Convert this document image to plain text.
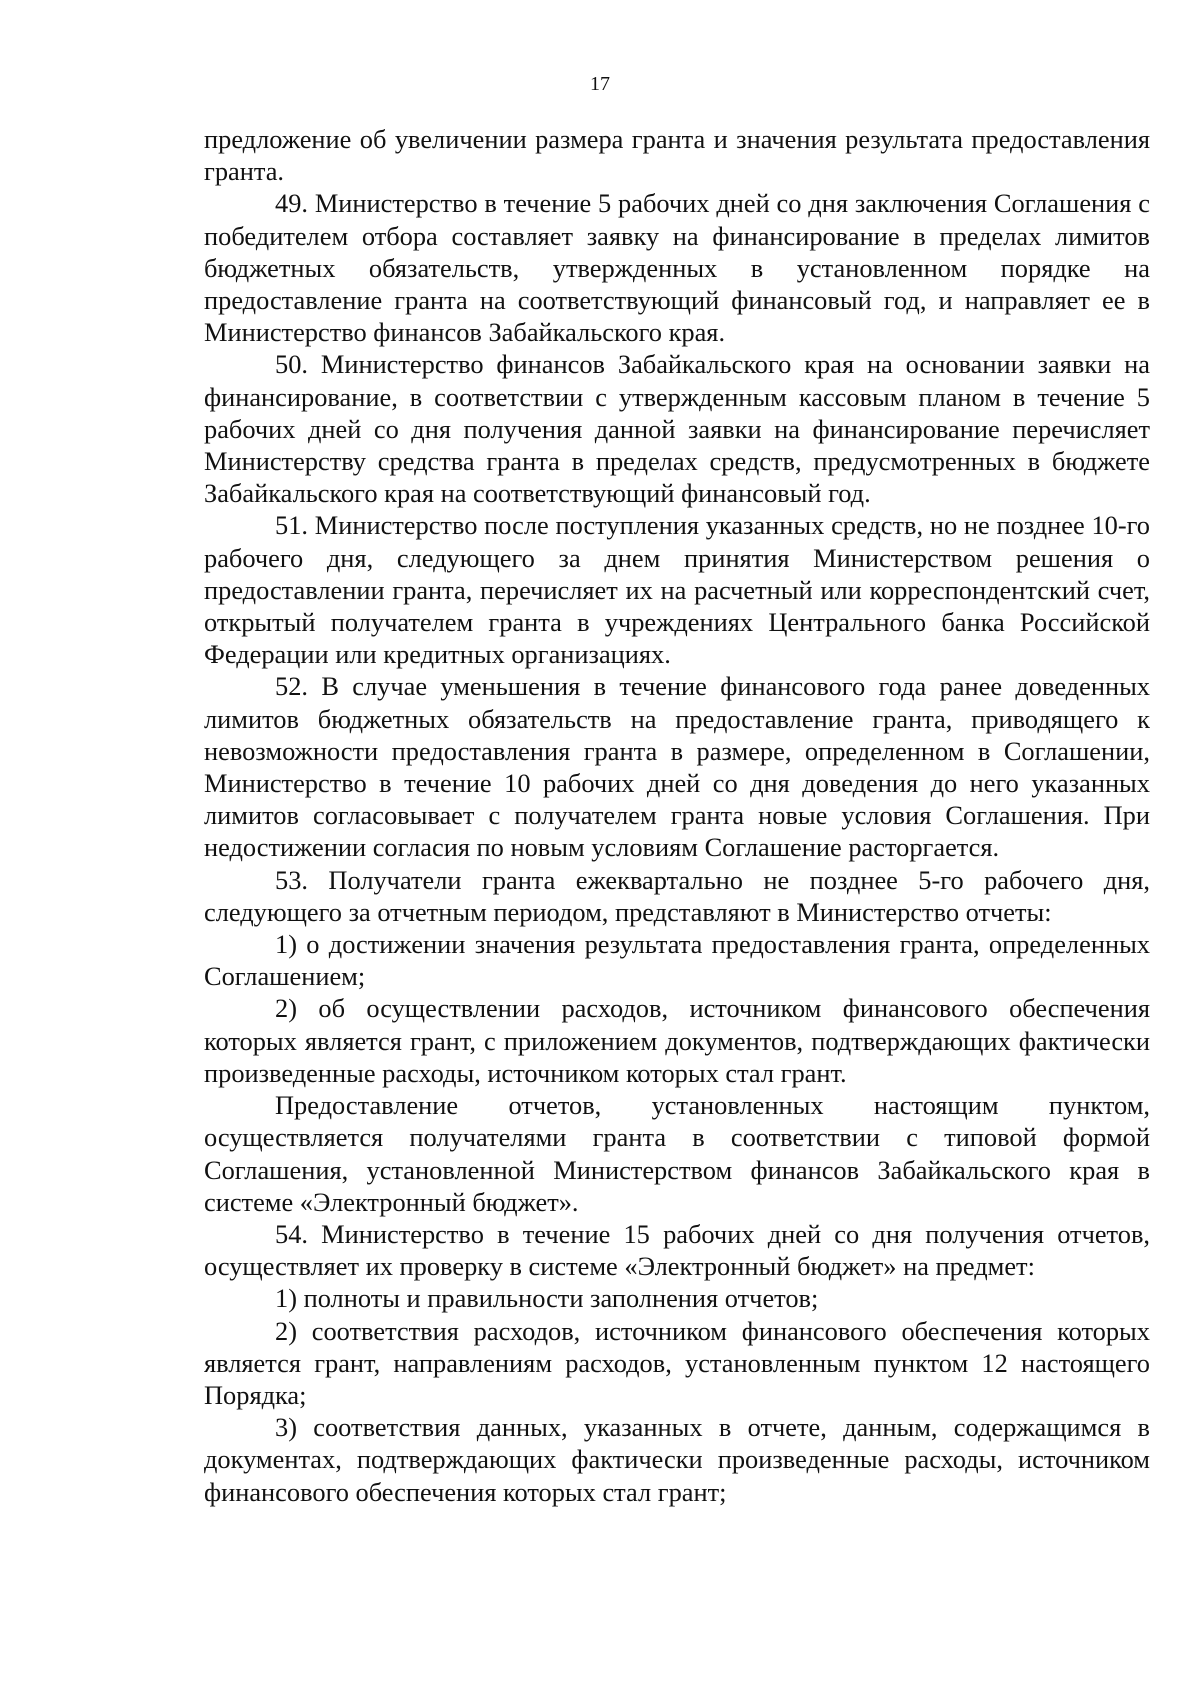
17

предложение об увеличении размера гранта и значения результата предоставления гранта.

49. Министерство в течение 5 рабочих дней со дня заключения Соглашения с победителем отбора составляет заявку на финансирование в пределах лимитов бюджетных обязательств, утвержденных в установленном порядке на предоставление гранта на соответствующий финансовый год, и направляет ее в Министерство финансов Забайкальского края.

50. Министерство финансов Забайкальского края на основании заявки на финансирование, в соответствии с утвержденным кассовым планом в течение 5 рабочих дней со дня получения данной заявки на финансирование перечисляет Министерству средства гранта в пределах средств, предусмотренных в бюджете Забайкальского края на соответствующий финансовый год.

51. Министерство после поступления указанных средств, но не позднее 10-го рабочего дня, следующего за днем принятия Министерством решения о предоставлении гранта, перечисляет их на расчетный или корреспондентский счет, открытый получателем гранта в учреждениях Центрального банка Российской Федерации или кредитных организациях.

52. В случае уменьшения в течение финансового года ранее доведенных лимитов бюджетных обязательств на предоставление гранта, приводящего к невозможности предоставления гранта в размере, определенном в Соглашении, Министерство в течение 10 рабочих дней со дня доведения до него указанных лимитов согласовывает с получателем гранта новые условия Соглашения. При недостижении согласия по новым условиям Соглашение расторгается.

53. Получатели гранта ежеквартально не позднее 5-го рабочего дня, следующего за отчетным периодом, представляют в Министерство отчеты:

1) о достижении значения результата предоставления гранта, определенных Соглашением;

2) об осуществлении расходов, источником финансового обеспечения которых является грант, с приложением документов, подтверждающих фактически произведенные расходы, источником которых стал грант.

Предоставление отчетов, установленных настоящим пунктом, осуществляется получателями гранта в соответствии с типовой формой Соглашения, установленной Министерством финансов Забайкальского края в системе «Электронный бюджет».

54. Министерство в течение 15 рабочих дней со дня получения отчетов, осуществляет их проверку в системе «Электронный бюджет» на предмет:

1) полноты и правильности заполнения отчетов;

2) соответствия расходов, источником финансового обеспечения которых является грант, направлениям расходов, установленным пунктом 12 настоящего Порядка;

3) соответствия данных, указанных в отчете, данным, содержащимся в документах, подтверждающих фактически произведенные расходы, источником финансового обеспечения которых стал грант;
